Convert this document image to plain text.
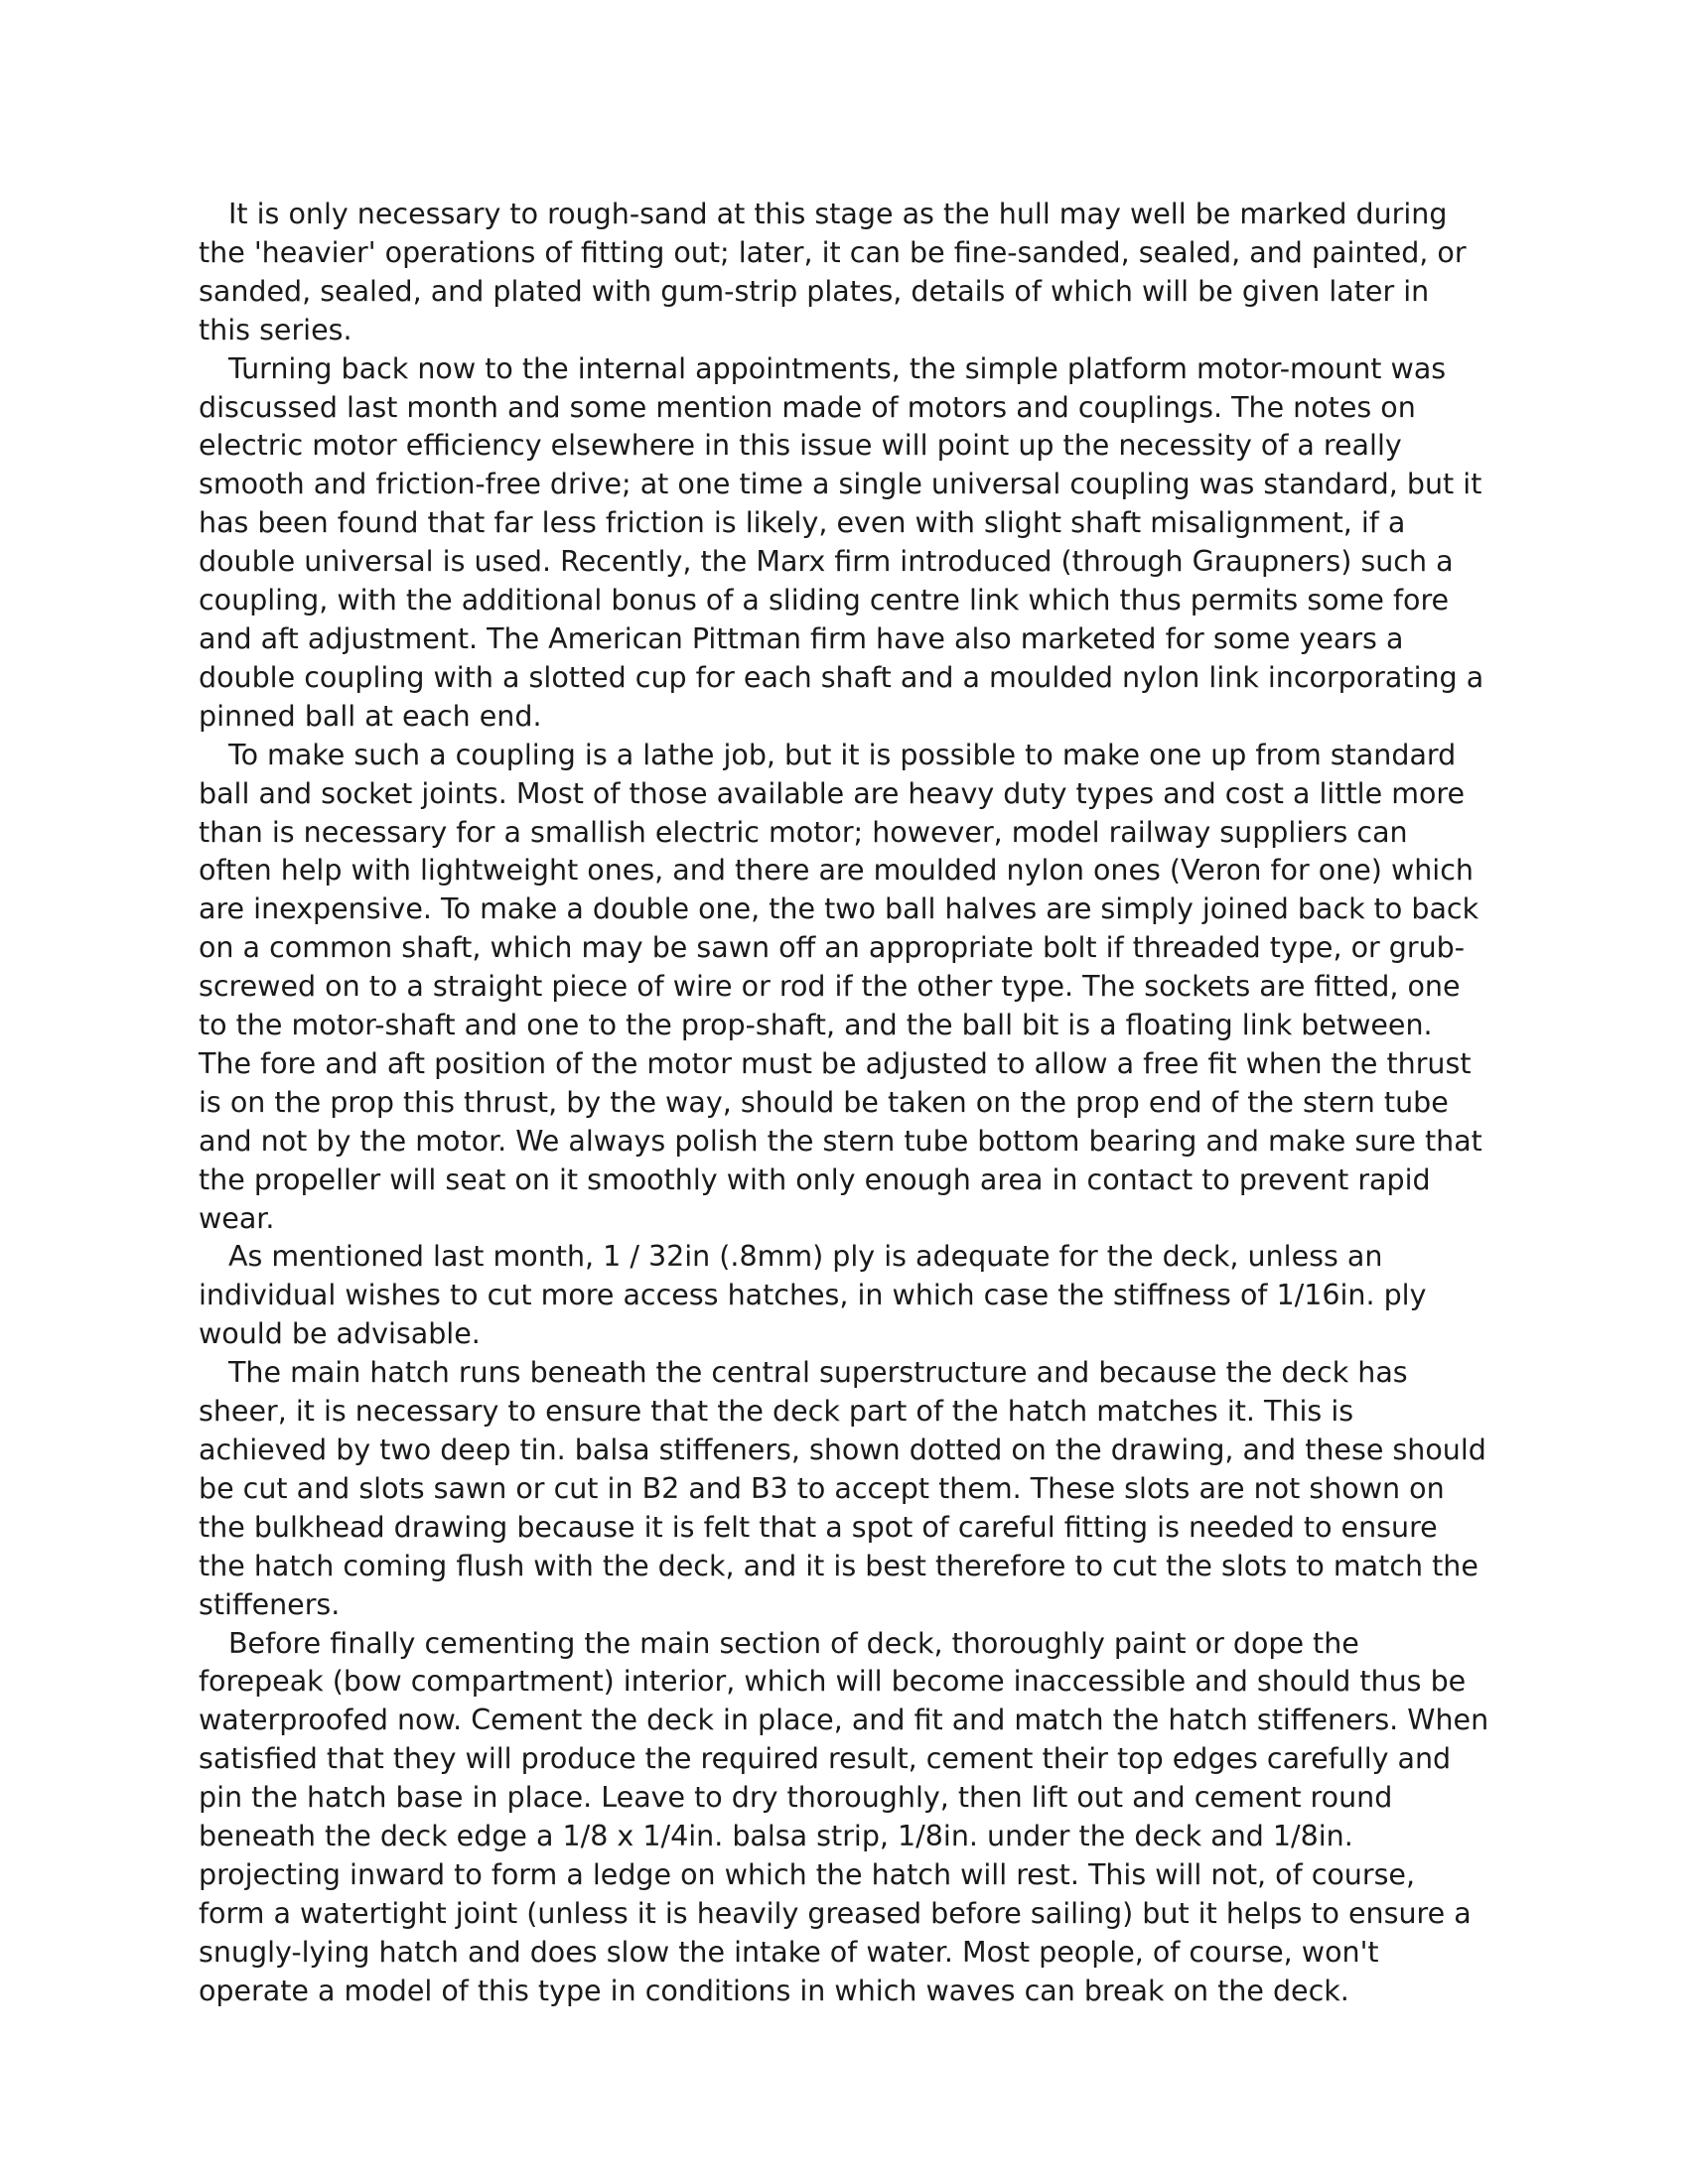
It is only necessary to rough-sand at this stage as the hull may well be marked during the 'heavier' operations of fitting out; later, it can be fine-sanded, sealed, and painted, or sanded, sealed, and plated with gum-strip plates, details of which will be given later in this series.

Turning back now to the internal appointments, the simple platform motor-mount was discussed last month and some mention made of motors and couplings. The notes on electric motor efficiency elsewhere in this issue will point up the necessity of a really smooth and friction-free drive; at one time a single universal coupling was standard, but it has been found that far less friction is likely, even with slight shaft misalignment, if a double universal is used. Recently, the Marx firm introduced (through Graupners) such a coupling, with the additional bonus of a sliding centre link which thus permits some fore and aft adjustment. The American Pittman firm have also marketed for some years a double coupling with a slotted cup for each shaft and a moulded nylon link incorporating a pinned ball at each end.

To make such a coupling is a lathe job, but it is possible to make one up from standard ball and socket joints. Most of those available are heavy duty types and cost a little more than is necessary for a smallish electric motor; however, model railway suppliers can often help with lightweight ones, and there are moulded nylon ones (Veron for one) which are inexpensive. To make a double one, the two ball halves are simply joined back to back on a common shaft, which may be sawn off an appropriate bolt if threaded type, or grub-screwed on to a straight piece of wire or rod if the other type. The sockets are fitted, one to the motor-shaft and one to the prop-shaft, and the ball bit is a floating link between. The fore and aft position of the motor must be adjusted to allow a free fit when the thrust is on the prop this thrust, by the way, should be taken on the prop end of the stern tube and not by the motor. We always polish the stern tube bottom bearing and make sure that the propeller will seat on it smoothly with only enough area in contact to prevent rapid wear.

As mentioned last month, 1 / 32in (.8mm) ply is adequate for the deck, unless an individual wishes to cut more access hatches, in which case the stiffness of 1/16in. ply would be advisable.

The main hatch runs beneath the central superstructure and because the deck has sheer, it is necessary to ensure that the deck part of the hatch matches it. This is achieved by two deep tin. balsa stiffeners, shown dotted on the drawing, and these should be cut and slots sawn or cut in B2 and B3 to accept them. These slots are not shown on the bulkhead drawing because it is felt that a spot of careful fitting is needed to ensure the hatch coming flush with the deck, and it is best therefore to cut the slots to match the stiffeners.

Before finally cementing the main section of deck, thoroughly paint or dope the forepeak (bow compartment) interior, which will become inaccessible and should thus be waterproofed now. Cement the deck in place, and fit and match the hatch stiffeners. When satisfied that they will produce the required result, cement their top edges carefully and pin the hatch base in place. Leave to dry thoroughly, then lift out and cement round beneath the deck edge a 1/8 x 1/4in. balsa strip, 1/8in. under the deck and 1/8in. projecting inward to form a ledge on which the hatch will rest. This will not, of course, form a watertight joint (unless it is heavily greased before sailing) but it helps to ensure a snugly-lying hatch and does slow the intake of water. Most people, of course, won't operate a model of this type in conditions in which waves can break on the deck.
